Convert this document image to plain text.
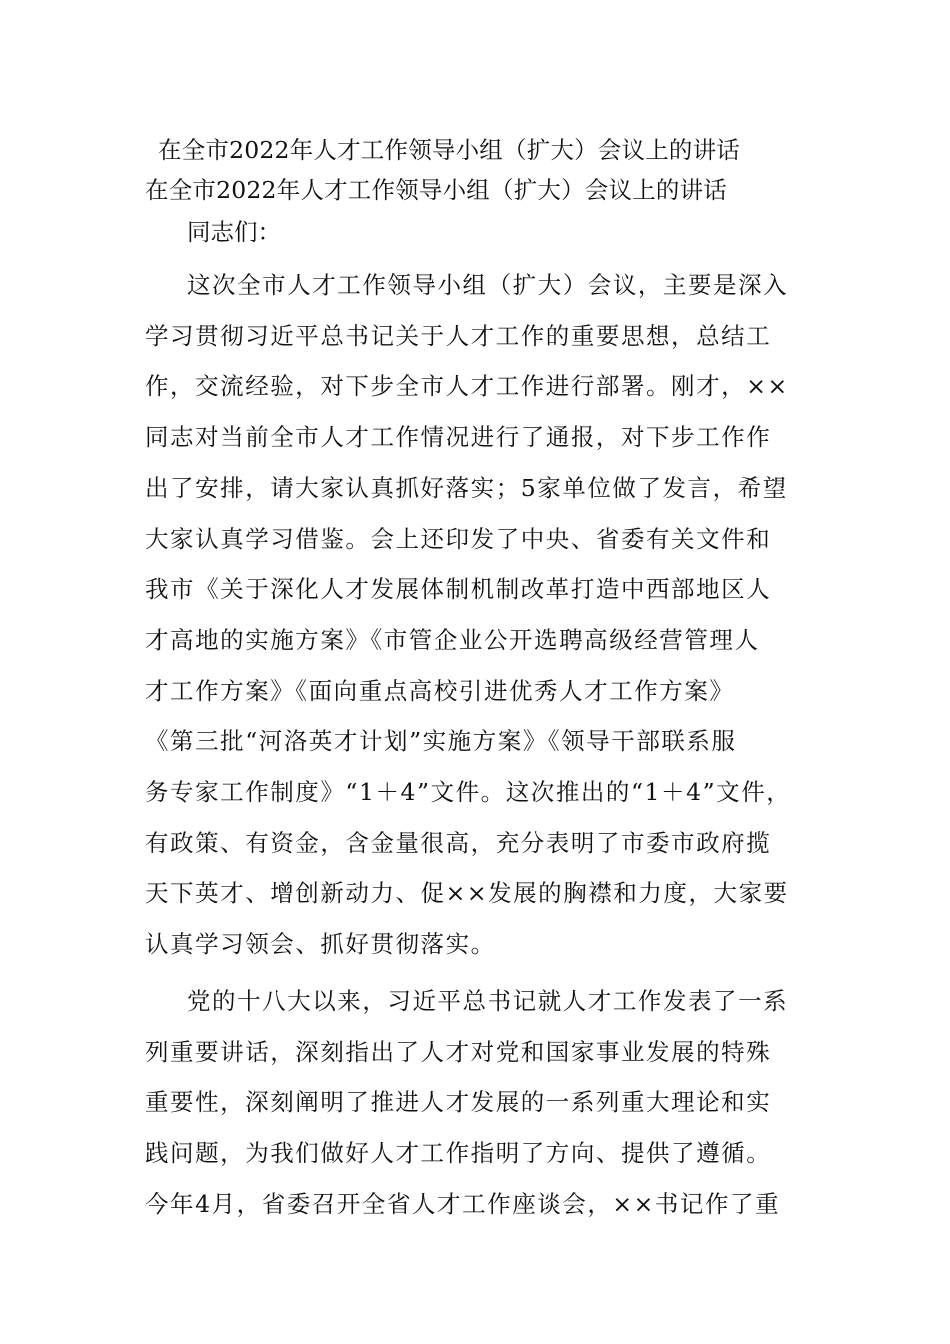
在全市2022年人才工作领导小组（扩大）会议上的讲话

在全市2022年人才工作领导小组（扩大）会议上的讲话

同志们：

这次全市人才工作领导小组（扩大）会议，主要是深入
学习贯彻习近平总书记关于人才工作的重要思想，总结工
作，交流经验，对下步全市人才工作进行部署。刚才，××
同志对当前全市人才工作情况进行了通报，对下步工作作
出了安排，请大家认真抓好落实；5家单位做了发言，希望
大家认真学习借鉴。会上还印发了中央、省委有关文件和
我市《关于深化人才发展体制机制改革打造中西部地区人
才高地的实施方案》《市管企业公开选聘高级经营管理人
才工作方案》《面向重点高校引进优秀人才工作方案》
《第三批“河洛英才计划”实施方案》《领导干部联系服
务专家工作制度》“1＋4”文件。这次推出的“1＋4”文件，
有政策、有资金，含金量很高，充分表明了市委市政府揽
天下英才、增创新动力、促××发展的胸襟和力度，大家要
认真学习领会、抓好贯彻落实。
党的十八大以来，习近平总书记就人才工作发表了一系
列重要讲话，深刻指出了人才对党和国家事业发展的特殊
重要性，深刻阐明了推进人才发展的一系列重大理论和实
践问题，为我们做好人才工作指明了方向、提供了遵循。
今年4月，省委召开全省人才工作座谈会，××书记作了重
